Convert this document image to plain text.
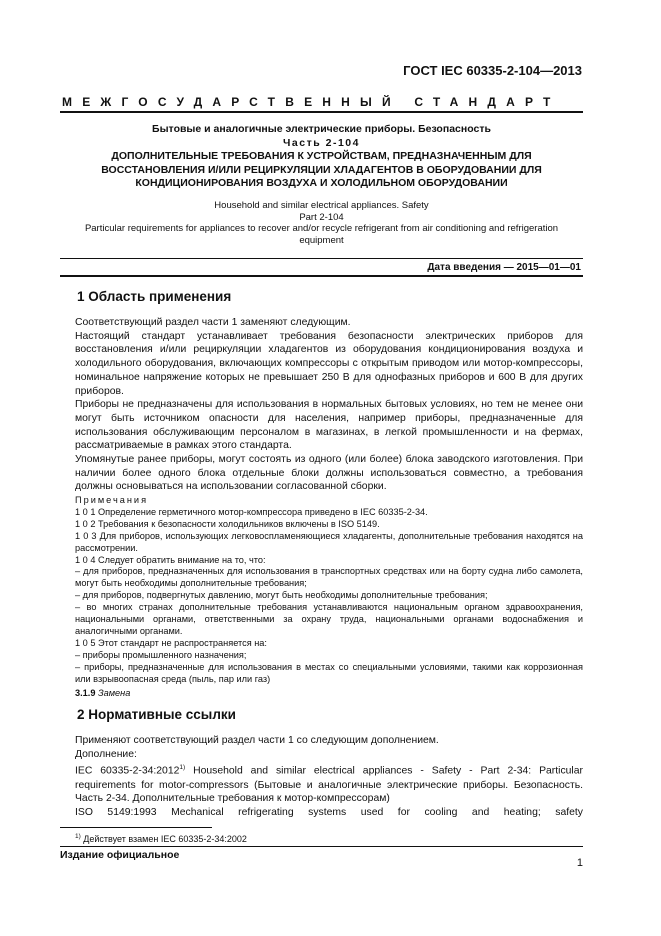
ГОСТ IEC 60335-2-104—2013
МЕЖГОСУДАРСТВЕННЫЙ СТАНДАРТ
Бытовые и аналогичные электрические приборы. Безопасность
Часть 2-104
ДОПОЛНИТЕЛЬНЫЕ ТРЕБОВАНИЯ К УСТРОЙСТВАМ, ПРЕДНАЗНАЧЕННЫМ ДЛЯ
ВОССТАНОВЛЕНИЯ И/ИЛИ РЕЦИРКУЛЯЦИИ ХЛАДАГЕНТОВ В ОБОРУДОВАНИИ ДЛЯ
КОНДИЦИОНИРОВАНИЯ ВОЗДУХА И ХОЛОДИЛЬНОМ ОБОРУДОВАНИИ
Household and similar electrical appliances. Safety
Part 2-104
Particular requirements for appliances to recover and/or recycle refrigerant from air conditioning and refrigeration equipment
Дата введения — 2015—01—01
1 Область применения

Соответствующий раздел части 1 заменяют следующим.

Настоящий стандарт устанавливает требования безопасности электрических приборов для восстановления и/или рециркуляции хладагентов из оборудования кондиционирования воздуха и холодильного оборудования, включающих компрессоры с открытым приводом или мотор-компрессоры, номинальное напряжение которых не превышает 250 В для однофазных приборов и 600 В для других приборов.

Приборы не предназначены для использования в нормальных бытовых условиях, но тем не менее они могут быть источником опасности для населения, например приборы, предназначенные для использования обслуживающим персоналом в магазинах, в легкой промышленности и на фермах, рассматриваемые в рамках этого стандарта.

Упомянутые ранее приборы, могут состоять из одного (или более) блока заводского изготовления. При наличии более одного блока отдельные блоки должны использоваться совместно, а требования должны основываться на использовании согласованной сборки.

Примечания

1 0 1 Определение герметичного мотор-компрессора приведено в IEC 60335-2-34.

1 0 2 Требования к безопасности холодильников включены в ISO 5149.

1 0 3 Для приборов, использующих легковоспламеняющиеся хладагенты, дополнительные требования находятся на рассмотрении.

1 0 4 Следует обратить внимание на то, что:

– для приборов, предназначенных для использования в транспортных средствах или на борту судна либо самолета, могут быть необходимы дополнительные требования;

– для приборов, подвергнутых давлению, могут быть необходимы дополнительные требования;

– во многих странах дополнительные требования устанавливаются национальным органом здравоохранения, национальными органами, ответственными за охрану труда, национальными органами водоснабжения и аналогичными органами.

1 0 5 Этот стандарт не распространяется на:

– приборы промышленного назначения;

– приборы, предназначенные для использования в местах со специальными условиями, такими как коррозионная или взрывоопасная среда (пыль, пар или газ)

3.1.9 Замена

2 Нормативные ссылки

Применяют соответствующий раздел части 1 со следующим дополнением.

Дополнение:

IEC 60335-2-34:2012$^{1)}$ Household and similar electrical appliances - Safety - Part 2-34: Particular requirements for motor-compressors (Бытовые и аналогичные электрические приборы. Безопасность. Часть 2-34. Дополнительные требования к мотор-компрессорам)

ISO 5149:1993 Mechanical refrigerating systems used for cooling and heating; safety

$^{1)}$ Действует взамен IEC 60335-2-34:2002
Издание официальное
1
